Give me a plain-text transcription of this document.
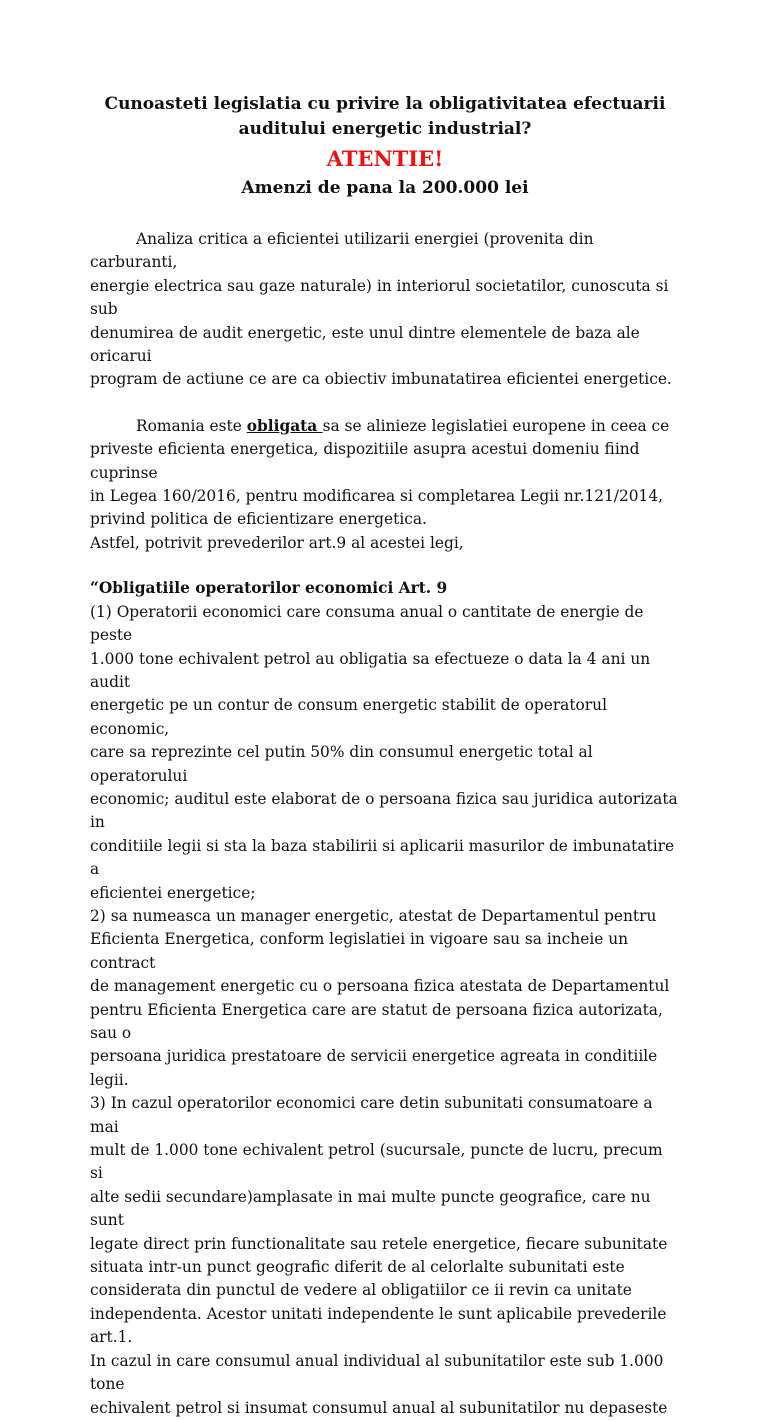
Cunoasteti legislatia cu privire la obligativitatea efectuarii auditului energetic industrial?
ATENTIE!
Amenzi de pana la 200.000 lei

Analiza critica a eficientei utilizarii energiei (provenita din carburanti,
energie electrica sau gaze naturale) in interiorul societatilor, cunoscuta si sub
denumirea de audit energetic, este unul dintre elementele de baza ale oricarui
program de actiune ce are ca obiectiv imbunatatirea eficientei energetice.

Romania este obligata sa se alinieze legislatiei europene in ceea ce
priveste eficienta energetica, dispozitiile asupra acestui domeniu fiind cuprinse
in Legea 160/2016, pentru modificarea si completarea Legii nr.121/2014,
privind politica de eficientizare energetica.

Astfel, potrivit prevederilor art.9 al acestei legi,

“Obligatiile operatorilor economici Art. 9

(1) Operatorii economici care consuma anual o cantitate de energie de peste
1.000 tone echivalent petrol au obligatia sa efectueze o data la 4 ani un audit
energetic pe un contur de consum energetic stabilit de operatorul economic,
care sa reprezinte cel putin 50% din consumul energetic total al operatorului
economic; auditul este elaborat de o persoana fizica sau juridica autorizata in
conditiile legii si sta la baza stabilirii si aplicarii masurilor de imbunatatire a
eficientei energetice;
2) sa numeasca un manager energetic, atestat de Departamentul pentru
Eficienta Energetica, conform legislatiei in vigoare sau sa incheie un contract
de management energetic cu o persoana fizica atestata de Departamentul
pentru Eficienta Energetica care are statut de persoana fizica autorizata, sau o
persoana juridica prestatoare de servicii energetice agreata in conditiile legii.
3) In cazul operatorilor economici care detin subunitati consumatoare a mai
mult de 1.000 tone echivalent petrol (sucursale, puncte de lucru, precum si
alte sedii secundare)amplasate in mai multe puncte geografice, care nu sunt
legate direct prin functionalitate sau retele energetice, fiecare subunitate
situata intr-un punct geografic diferit de al celorlalte subunitati este
considerata din punctul de vedere al obligatiilor ce ii revin ca unitate
independenta. Acestor unitati independente le sunt aplicabile prevederile art.1.
In cazul in care consumul anual individual al subunitatilor este sub 1.000 tone
echivalent petrol si insumat consumul anual al subunitatilor nu depaseste
